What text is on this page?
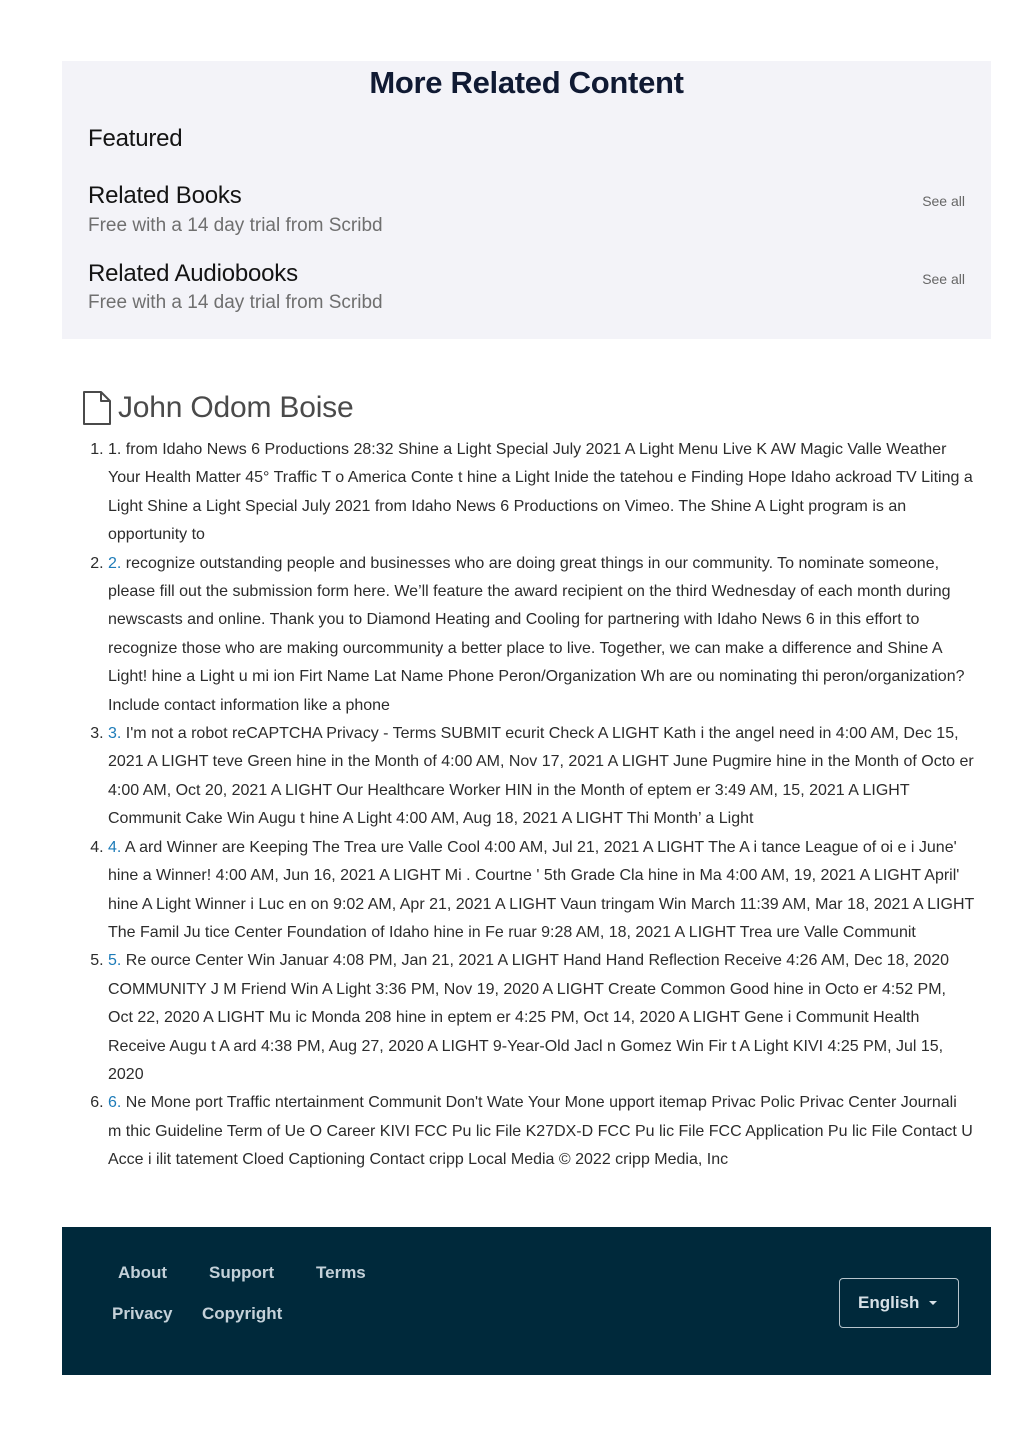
More Related Content
Featured
Related Books

Free with a 14 day trial from Scribd

See all
Related Audiobooks

Free with a 14 day trial from Scribd

See all
John Odom Boise
1. 1. from Idaho News 6 Productions 28:32 Shine a Light Special July 2021 A Light Menu Live K AW Magic Valle Weather Your Health Matter 45° Traffic T o America Conte t hine a Light Inide the tatehou e Finding Hope Idaho ackroad TV Liting a Light Shine a Light Special July 2021 from Idaho News 6 Productions on Vimeo. The Shine A Light program is an opportunity to
2. 2. recognize outstanding people and businesses who are doing great things in our community. To nominate someone, please fill out the submission form here. We’ll feature the award recipient on the third Wednesday of each month during newscasts and online. Thank you to Diamond Heating and Cooling for partnering with Idaho News 6 in this effort to recognize those who are making ourcommunity a better place to live. Together, we can make a difference and Shine A Light! hine a Light u mi ion Firt Name Lat Name Phone Peron/Organization Wh are ou nominating thi peron/organization? Include contact information like a phone
3. 3. I'm not a robot reCAPTCHA Privacy - Terms SUBMIT ecurit Check A LIGHT Kath i the angel need in 4:00 AM, Dec 15, 2021 A LIGHT teve Green hine in the Month of 4:00 AM, Nov 17, 2021 A LIGHT June Pugmire hine in the Month of Octo er 4:00 AM, Oct 20, 2021 A LIGHT Our Healthcare Worker HIN in the Month of eptem er 3:49 AM, 15, 2021 A LIGHT Communit Cake Win Augu t hine A Light 4:00 AM, Aug 18, 2021 A LIGHT Thi Month’ a Light
4. 4. A ard Winner are Keeping The Trea ure Valle Cool 4:00 AM, Jul 21, 2021 A LIGHT The A i tance League of oi e i June' hine a Winner! 4:00 AM, Jun 16, 2021 A LIGHT Mi . Courtne ' 5th Grade Cla hine in Ma 4:00 AM, 19, 2021 A LIGHT April' hine A Light Winner i Luc en on 9:02 AM, Apr 21, 2021 A LIGHT Vaun tringam Win March 11:39 AM, Mar 18, 2021 A LIGHT The Famil Ju tice Center Foundation of Idaho hine in Fe ruar 9:28 AM, 18, 2021 A LIGHT Trea ure Valle Communit
5. 5. Re ource Center Win Januar 4:08 PM, Jan 21, 2021 A LIGHT Hand Hand Reflection Receive 4:26 AM, Dec 18, 2020 COMMUNITY J M Friend Win A Light 3:36 PM, Nov 19, 2020 A LIGHT Create Common Good hine in Octo er 4:52 PM, Oct 22, 2020 A LIGHT Mu ic Monda 208 hine in eptem er 4:25 PM, Oct 14, 2020 A LIGHT Gene i Communit Health Receive Augu t A ard 4:38 PM, Aug 27, 2020 A LIGHT 9-Year-Old Jacl n Gomez Win Fir t A Light KIVI 4:25 PM, Jul 15, 2020
6. 6. Ne Mone port Traffic ntertainment Communit Don't Wate Your Mone upport itemap Privac Polic Privac Center Journali m thic Guideline Term of Ue O Career KIVI FCC Pu lic File K27DX-D FCC Pu lic File FCC Application Pu lic File Contact U Acce i ilit tatement Cloed Captioning Contact cripp Local Media © 2022 cripp Media, Inc
About Support Terms
Privacy Copyright
English
